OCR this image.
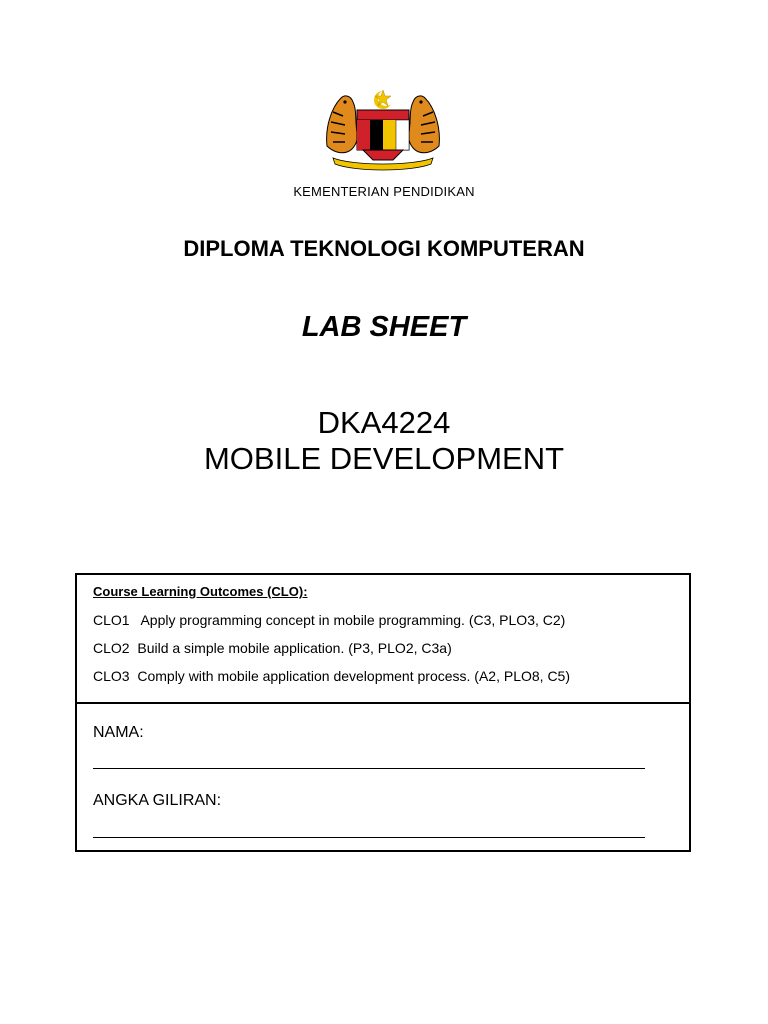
KEMENTERIAN PENDIDIKAN
DIPLOMA TEKNOLOGI KOMPUTERAN
LAB SHEET
DKA4224
MOBILE DEVELOPMENT
Course Learning Outcomes (CLO):
CLO1   Apply programming concept in mobile programming. (C3, PLO3, C2)
CLO2  Build a simple mobile application. (P3, PLO2, C3a)
CLO3  Comply with mobile application development process. (A2, PLO8, C5)
NAMA:
ANGKA GILIRAN:
